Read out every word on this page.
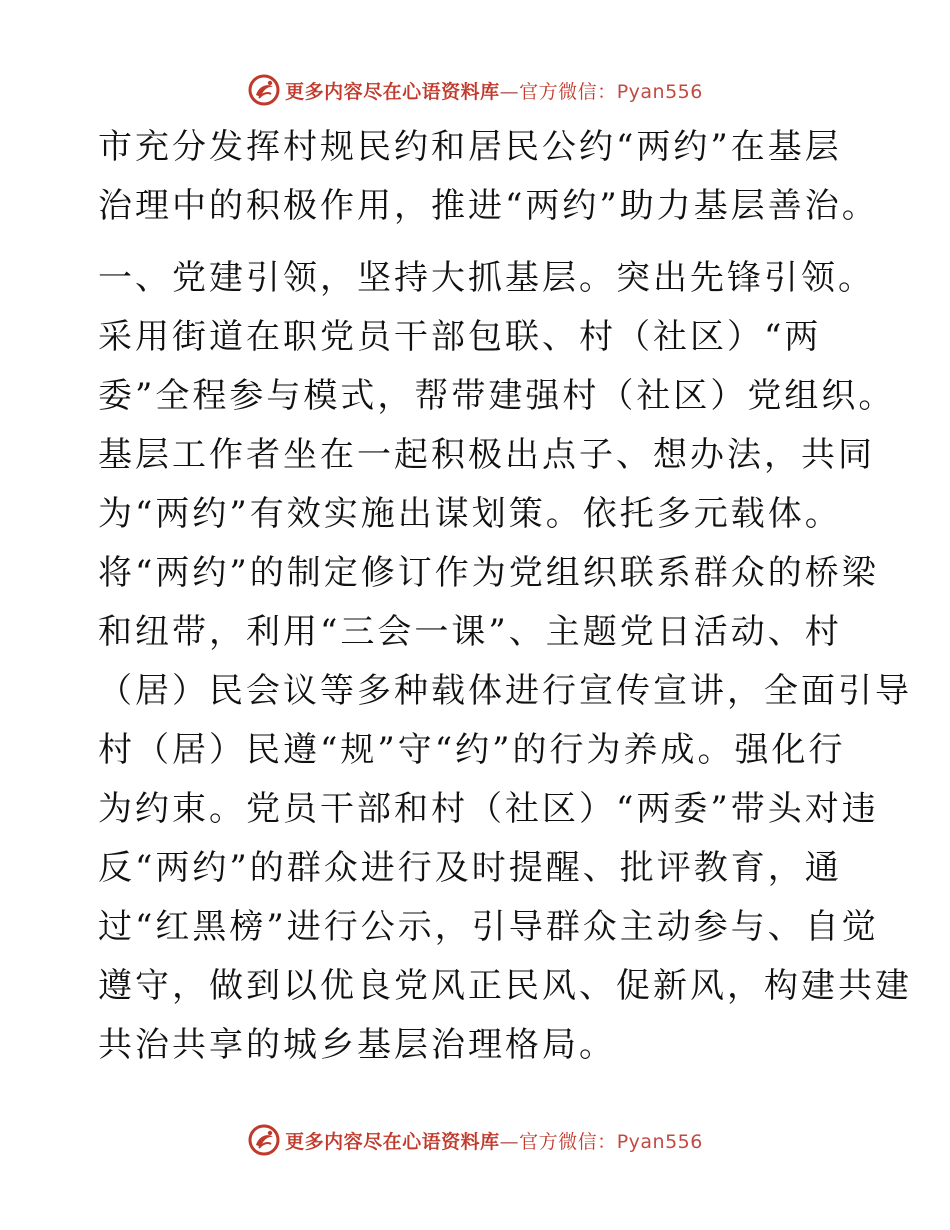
更多内容尽在心语资料库—官方微信：Pyan556
市充分发挥村规民约和居民公约“两约”在基层
治理中的积极作用，推进“两约”助力基层善治。
一、党建引领，坚持大抓基层。突出先锋引领。
采用街道在职党员干部包联、村（社区）“两
委”全程参与模式，帮带建强村（社区）党组织。
基层工作者坐在一起积极出点子、想办法，共同
为“两约”有效实施出谋划策。依托多元载体。
将“两约”的制定修订作为党组织联系群众的桥梁
和纽带，利用“三会一课”、主题党日活动、村
（居）民会议等多种载体进行宣传宣讲，全面引导
村（居）民遵“规”守“约”的行为养成。强化行
为约束。党员干部和村（社区）“两委”带头对违
反“两约”的群众进行及时提醒、批评教育，通
过“红黑榜”进行公示，引导群众主动参与、自觉
遵守，做到以优良党风正民风、促新风，构建共建
共治共享的城乡基层治理格局。
更多内容尽在心语资料库—官方微信：Pyan556
